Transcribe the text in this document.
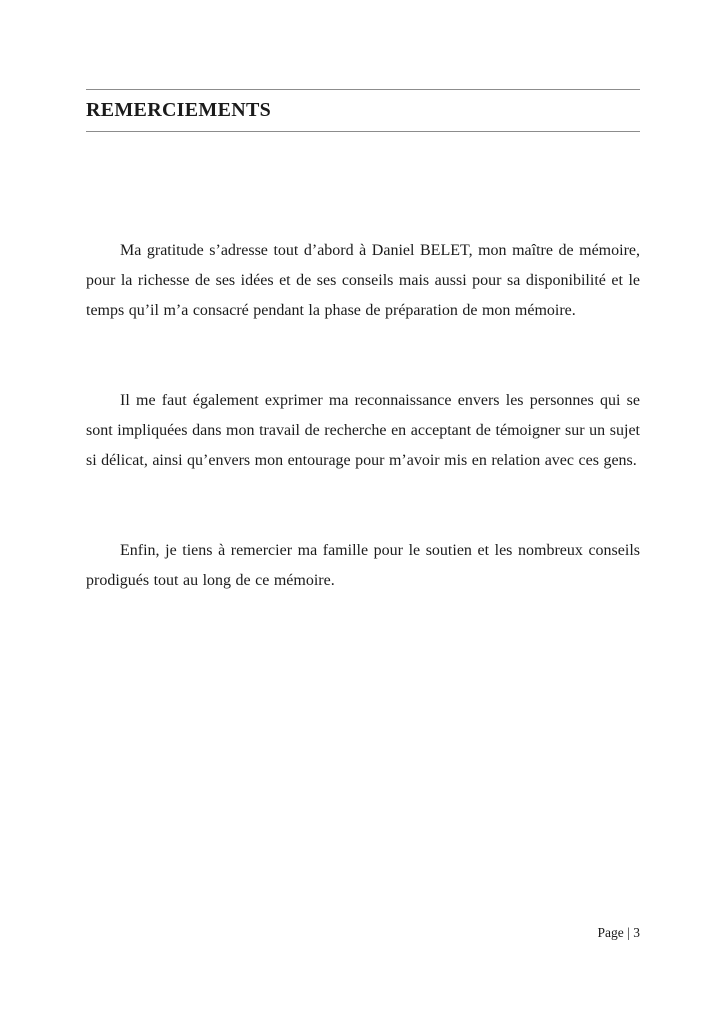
REMERCIEMENTS

Ma gratitude s’adresse tout d’abord à Daniel BELET, mon maître de mémoire, pour la richesse de ses idées et de ses conseils mais aussi pour sa disponibilité et le temps qu’il m’a consacré pendant la phase de préparation de mon mémoire.

Il me faut également exprimer ma reconnaissance envers les personnes qui se sont impliquées dans mon travail de recherche en acceptant de témoigner sur un sujet si délicat, ainsi qu’envers mon entourage pour m’avoir mis en relation avec ces gens.

Enfin, je tiens à remercier ma famille pour le soutien et les nombreux conseils prodigués tout au long de ce mémoire.

Page | 3
